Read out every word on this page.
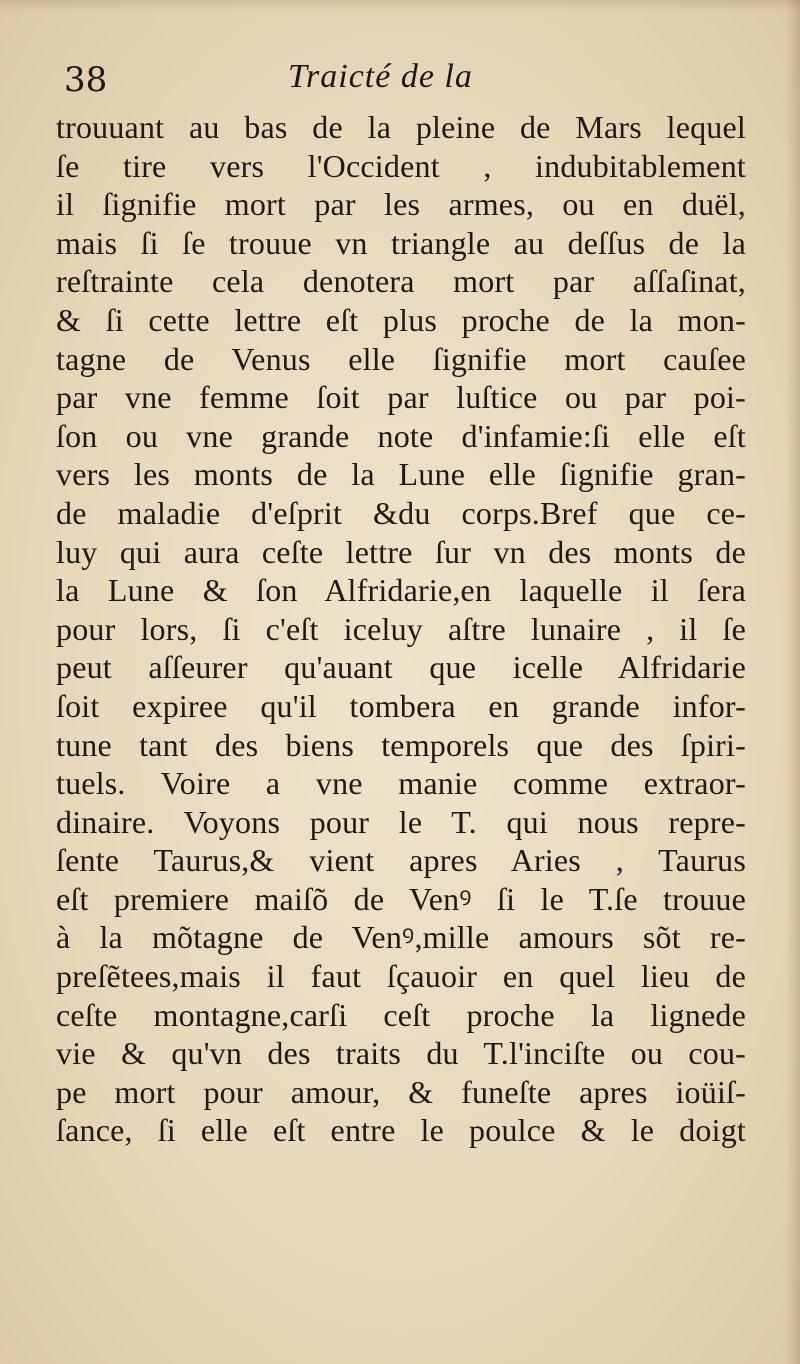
38	Traicté de la
trouuant au bas de la pleine de Mars lequel
ſe tire vers l'Occident , indubitablement
il ſignifie mort par les armes, ou en duël,
mais ſi ſe trouue vn triangle au deſſus de la
reſtrainte cela denotera mort par aſſaſinat,
& ſi cette lettre eſt plus proche de la mon-
tagne de Venus elle ſignifie mort cauſee
par vne femme ſoit par luſtice ou par poi-
ſon ou vne grande note d'infamie:ſi elle eſt
vers les monts de la Lune elle ſignifie gran-
de maladie d'eſprit &du corps.Bref que ce-
luy qui aura ceſte lettre ſur vn des monts de
la Lune & ſon Alfridarie,en laquelle il ſera
pour lors, ſi c'eſt iceluy aſtre lunaire , il ſe
peut aſſeurer qu'auant que icelle Alfridarie
ſoit expiree qu'il tombera en grande infor-
tune tant des biens temporels que des ſpiri-
tuels. Voire a vne manie comme extraor-
dinaire. Voyons pour le T. qui nous repre-
ſente Taurus,& vient apres Aries , Taurus
eſt premiere maiſõ de Venꝰ ſi le T.ſe trouue
à la mõtagne de Venꝰ,mille amours sõt re-
preſẽtees,mais il faut ſçauoir en quel lieu de
ceſte montagne,carſi ceſt proche la lignede
vie & qu'vn des traits du T.l'inciſte ou cou-
pe mort pour amour, & funeſte apres ioüiſ-
ſance, ſi elle eſt entre le poulce & le doigt
